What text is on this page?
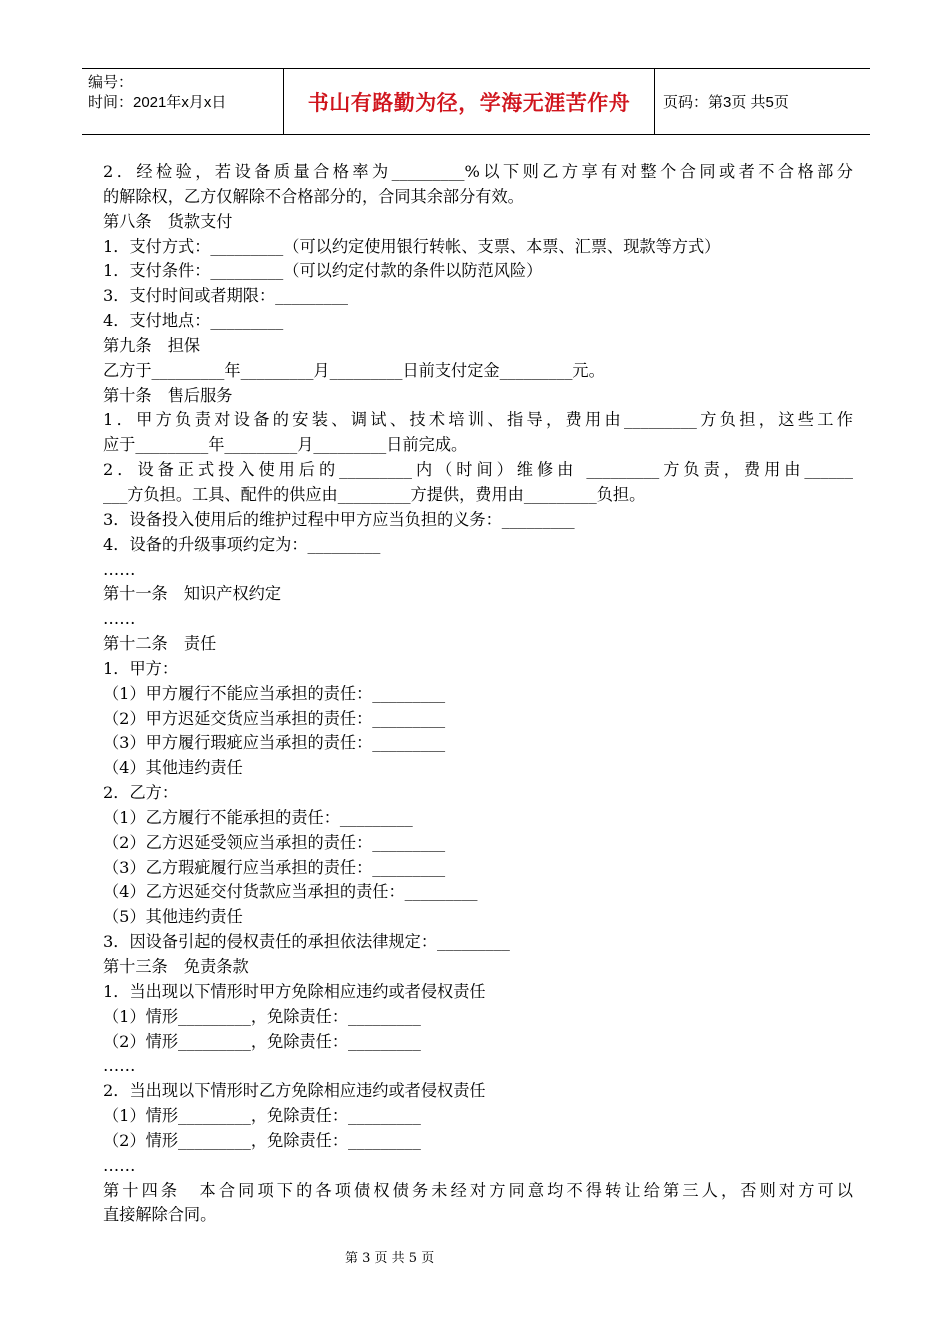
编号：
时间：2021年x月x日	书山有路勤为径，学海无涯苦作舟 页码：第3页 共5页
2．经检验，若设备质量合格率为_________%以下则乙方享有对整个合同或者不合格部分
的解除权，乙方仅解除不合格部分的，合同其余部分有效。
第八条　货款支付
1．支付方式：_________（可以约定使用银行转帐、支票、本票、汇票、现款等方式）
1．支付条件：_________（可以约定付款的条件以防范风险）
3．支付时间或者期限：_________
4．支付地点：_________
第九条　担保
乙方于_________年_________月_________日前支付定金_________元。
第十条　售后服务
1．甲方负责对设备的安装、调试、技术培训、指导，费用由_________方负担，这些工作
应于_________年_________月_________日前完成。
2．设备正式投入使用后的_________内（时间）维修由 _________方负责，费用由______
___方负担。工具、配件的供应由_________方提供，费用由_________负担。
3．设备投入使用后的维护过程中甲方应当负担的义务：_________
4．设备的升级事项约定为：_________
……
第十一条　知识产权约定
……
第十二条　责任
1．甲方：
（1）甲方履行不能应当承担的责任：_________
（2）甲方迟延交货应当承担的责任：_________
（3）甲方履行瑕疵应当承担的责任：_________
（4）其他违约责任
2．乙方：
（1）乙方履行不能承担的责任：_________
（2）乙方迟延受领应当承担的责任：_________
（3）乙方瑕疵履行应当承担的责任：_________
（4）乙方迟延交付货款应当承担的责任：_________
（5）其他违约责任
3．因设备引起的侵权责任的承担依法律规定：_________
第十三条　免责条款
1．当出现以下情形时甲方免除相应违约或者侵权责任
（1）情形_________，免除责任：_________
（2）情形_________，免除责任：_________
……
2．当出现以下情形时乙方免除相应违约或者侵权责任
（1）情形_________，免除责任：_________
（2）情形_________，免除责任：_________
……
第十四条　本合同项下的各项债权债务未经对方同意均不得转让给第三人，否则对方可以
直接解除合同。
第 3 页 共 5 页
